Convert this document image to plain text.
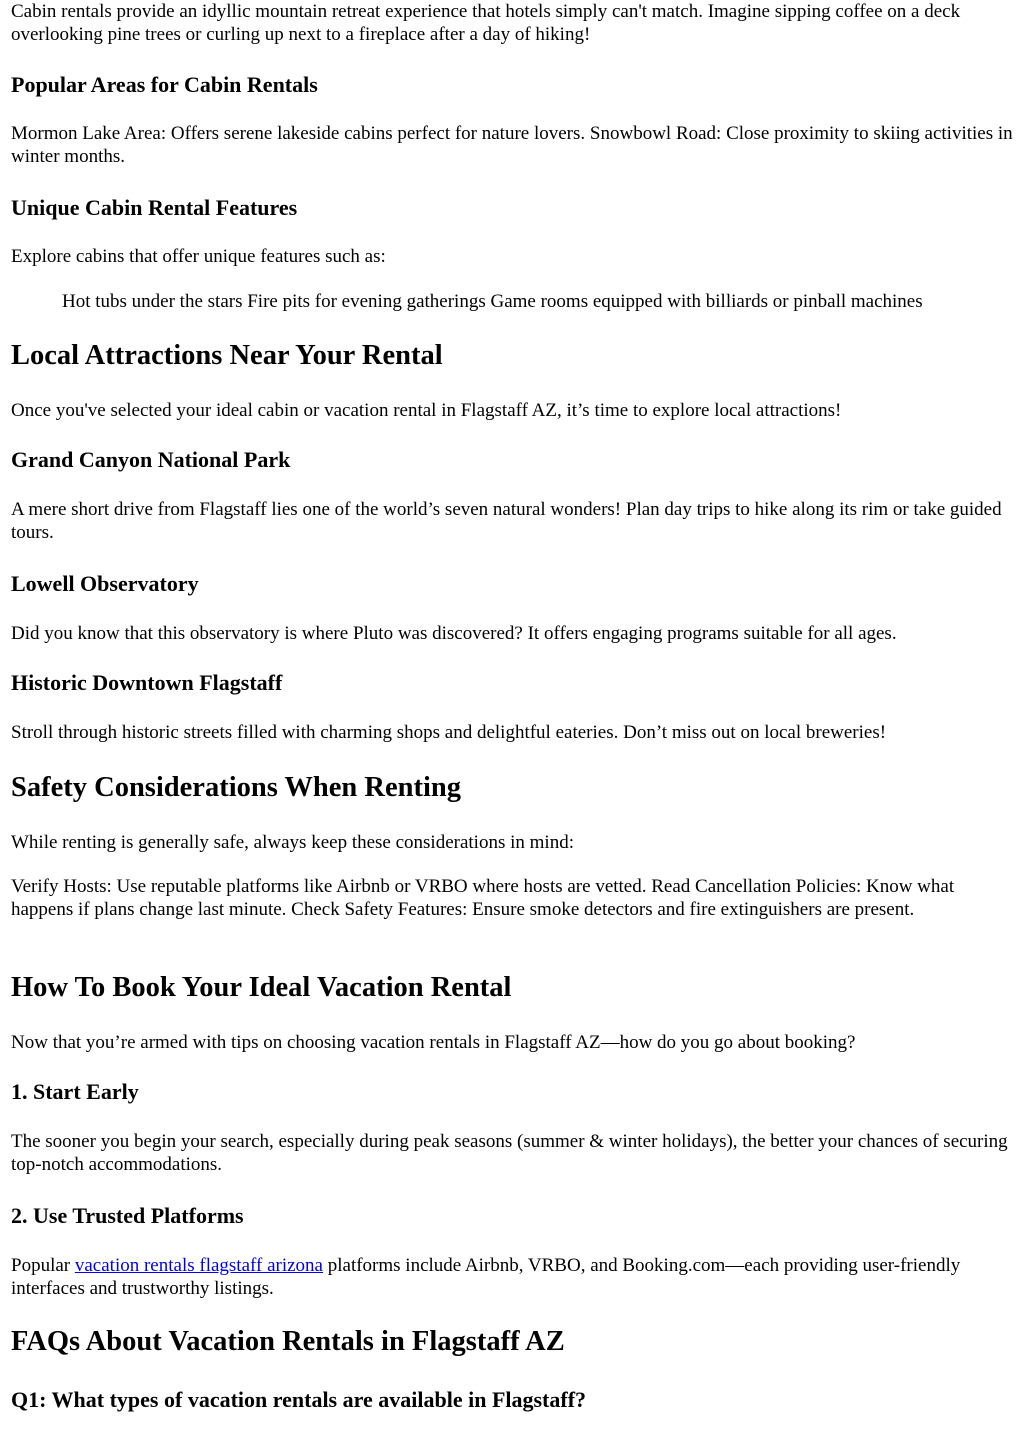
Cabin rentals provide an idyllic mountain retreat experience that hotels simply can't match. Imagine sipping coffee on a deck overlooking pine trees or curling up next to a fireplace after a day of hiking!

Popular Areas for Cabin Rentals

Mormon Lake Area: Offers serene lakeside cabins perfect for nature lovers. Snowbowl Road: Close proximity to skiing activities in winter months.

Unique Cabin Rental Features

Explore cabins that offer unique features such as:

Hot tubs under the stars Fire pits for evening gatherings Game rooms equipped with billiards or pinball machines

Local Attractions Near Your Rental

Once you've selected your ideal cabin or vacation rental in Flagstaff AZ, it’s time to explore local attractions!

Grand Canyon National Park

A mere short drive from Flagstaff lies one of the world’s seven natural wonders! Plan day trips to hike along its rim or take guided tours.

Lowell Observatory

Did you know that this observatory is where Pluto was discovered? It offers engaging programs suitable for all ages.

Historic Downtown Flagstaff

Stroll through historic streets filled with charming shops and delightful eateries. Don’t miss out on local breweries!

Safety Considerations When Renting

While renting is generally safe, always keep these considerations in mind:

Verify Hosts: Use reputable platforms like Airbnb or VRBO where hosts are vetted. Read Cancellation Policies: Know what happens if plans change last minute. Check Safety Features: Ensure smoke detectors and fire extinguishers are present.

How To Book Your Ideal Vacation Rental

Now that you’re armed with tips on choosing vacation rentals in Flagstaff AZ—how do you go about booking?

1. Start Early

The sooner you begin your search, especially during peak seasons (summer & winter holidays), the better your chances of securing top-notch accommodations.

2. Use Trusted Platforms

Popular vacation rentals flagstaff arizona platforms include Airbnb, VRBO, and Booking.com—each providing user-friendly interfaces and trustworthy listings.

FAQs About Vacation Rentals in Flagstaff AZ
Q1: What types of vacation rentals are available in Flagstaff?
